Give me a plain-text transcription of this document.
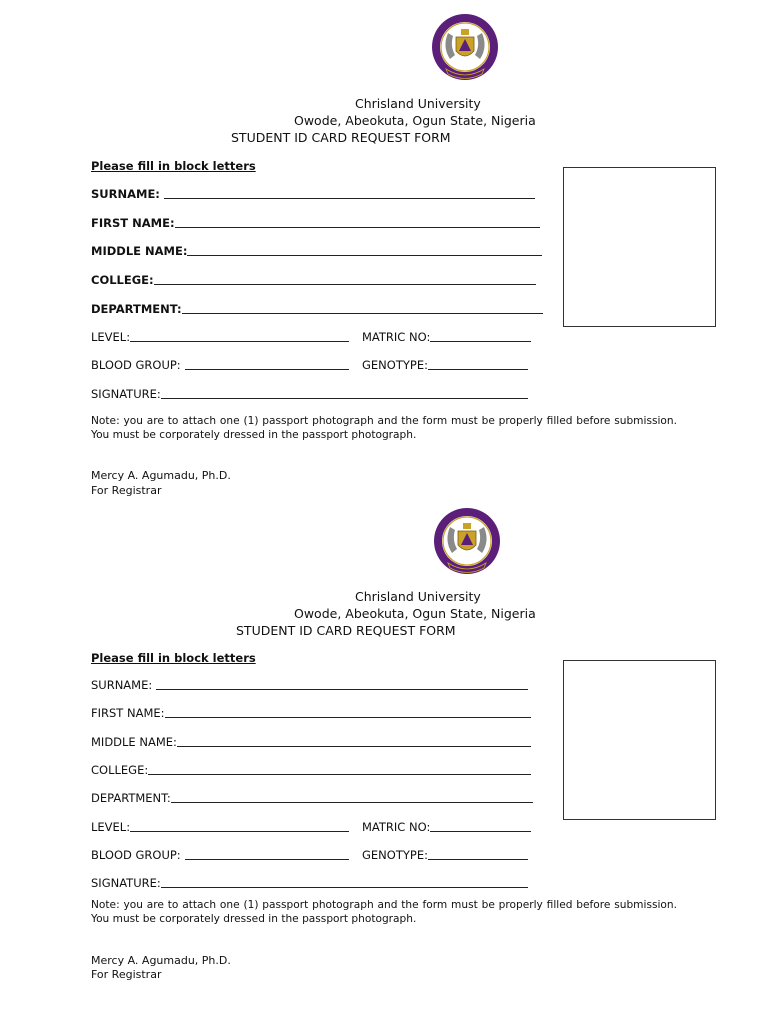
Chrisland University
Owode, Abeokuta, Ogun State, Nigeria
STUDENT ID CARD REQUEST FORM
Please fill in block letters
SURNAME:
FIRST NAME:
MIDDLE NAME:
COLLEGE:
DEPARTMENT:
LEVEL:	MATRIC NO:
BLOOD GROUP:	GENOTYPE:
SIGNATURE:
Note: you are to attach one (1) passport photograph and the form must be properly filled before submission. You must be corporately dressed in the passport photograph.
Mercy A. Agumadu, Ph.D.
For Registrar
Chrisland University
Owode, Abeokuta, Ogun State, Nigeria
STUDENT ID CARD REQUEST FORM
Please fill in block letters
SURNAME:
FIRST NAME:
MIDDLE NAME:
COLLEGE:
DEPARTMENT:
LEVEL:	MATRIC NO:
BLOOD GROUP:	GENOTYPE:
SIGNATURE:
Note: you are to attach one (1) passport photograph and the form must be properly filled before submission. You must be corporately dressed in the passport photograph.
Mercy A. Agumadu, Ph.D.
For Registrar
